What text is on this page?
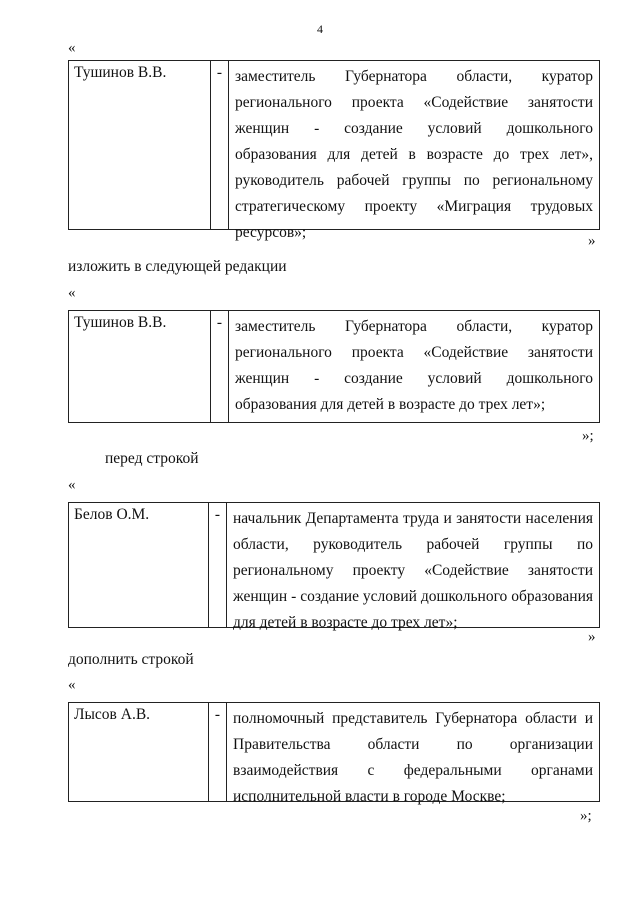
4
«
Тушинов В.В.	- заместитель Губернатора области, куратор регионального проекта «Содействие занятости женщин - создание условий дошкольного образования для детей в возрасте до трех лет», руководитель рабочей группы по региональному стратегическому проекту «Миграция трудовых ресурсов»;	»
изложить в следующей редакции
«
Тушинов В.В.	- заместитель Губернатора области, куратор регионального проекта «Содействие занятости женщин - создание условий дошкольного образования для детей в возрасте до трех лет»;
»;
перед строкой
«
Белов О.М.	- начальник Департамента труда и занятости населения области, руководитель рабочей группы по региональному проекту «Содействие занятости женщин - создание условий дошкольного образования для детей в возрасте до трех лет»;
»
дополнить строкой
«
Лысов А.В.	- полномочный представитель Губернатора области и Правительства области по организации взаимодействия с федеральными органами исполнительной власти в городе Москве;
»;
